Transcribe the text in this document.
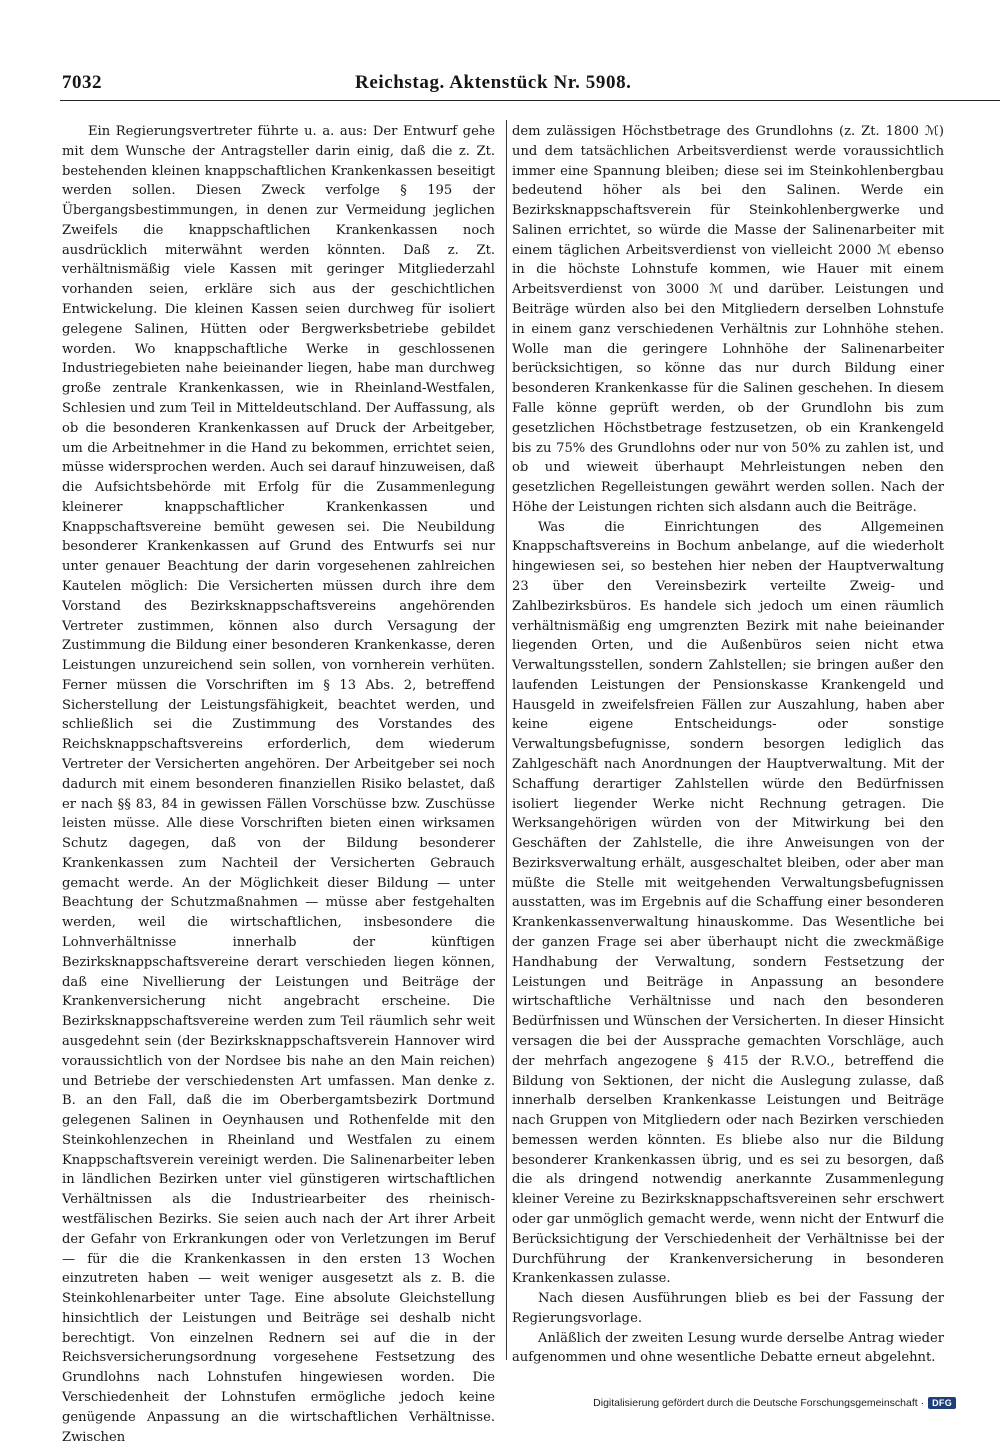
7032	Reichstag. Aktenstück Nr. 5908.

Ein Regierungsvertreter führte u. a. aus: Der Entwurf gehe mit dem Wunsche der Antragsteller darin einig, daß die z. Zt. bestehenden kleinen knappschaftlichen Krankenkassen beseitigt werden sollen. Diesen Zweck verfolge § 195 der Übergangsbestimmungen, in denen zur Vermeidung jeglichen Zweifels die knappschaftlichen Krankenkassen noch ausdrücklich miterwähnt werden könnten. Daß z. Zt. verhältnismäßig viele Kassen mit geringer Mitgliederzahl vorhanden seien, erkläre sich aus der geschichtlichen Entwickelung. Die kleinen Kassen seien durchweg für isoliert gelegene Salinen, Hütten oder Bergwerksbetriebe gebildet worden. Wo knappschaftliche Werke in geschlossenen Industriegebieten nahe beieinander liegen, habe man durchweg große zentrale Krankenkassen, wie in Rheinland-Westfalen, Schlesien und zum Teil in Mitteldeutschland. Der Auffassung, als ob die besonderen Krankenkassen auf Druck der Arbeitgeber, um die Arbeitnehmer in die Hand zu bekommen, errichtet seien, müsse widersprochen werden. Auch sei darauf hinzuweisen, daß die Aufsichtsbehörde mit Erfolg für die Zusammenlegung kleinerer knappschaftlicher Krankenkassen und Knappschaftsvereine bemüht gewesen sei. Die Neubildung besonderer Krankenkassen auf Grund des Entwurfs sei nur unter genauer Beachtung der darin vorgesehenen zahlreichen Kautelen möglich: Die Versicherten müssen durch ihre dem Vorstand des Bezirksknappschaftsvereins angehörenden Vertreter zustimmen, können also durch Versagung der Zustimmung die Bildung einer besonderen Krankenkasse, deren Leistungen unzureichend sein sollen, von vornherein verhüten. Ferner müssen die Vorschriften im § 13 Abs. 2, betreffend Sicherstellung der Leistungsfähigkeit, beachtet werden, und schließlich sei die Zustimmung des Vorstandes des Reichsknappschaftsvereins erforderlich, dem wiederum Vertreter der Versicherten angehören. Der Arbeitgeber sei noch dadurch mit einem besonderen finanziellen Risiko belastet, daß er nach §§ 83, 84 in gewissen Fällen Vorschüsse bzw. Zuschüsse leisten müsse. Alle diese Vorschriften bieten einen wirksamen Schutz dagegen, daß von der Bildung besonderer Krankenkassen zum Nachteil der Versicherten Gebrauch gemacht werde. An der Möglichkeit dieser Bildung — unter Beachtung der Schutzmaßnahmen — müsse aber festgehalten werden, weil die wirtschaftlichen, insbesondere die Lohnverhältnisse innerhalb der künftigen Bezirksknappschaftsvereine derart verschieden liegen können, daß eine Nivellierung der Leistungen und Beiträge der Krankenversicherung nicht angebracht erscheine. Die Bezirksknappschaftsvereine werden zum Teil räumlich sehr weit ausgedehnt sein (der Bezirksknappschaftsverein Hannover wird voraussichtlich von der Nordsee bis nahe an den Main reichen) und Betriebe der verschiedensten Art umfassen. Man denke z. B. an den Fall, daß die im Oberbergamtsbezirk Dortmund gelegenen Salinen in Oeynhausen und Rothenfelde mit den Steinkohlenzechen in Rheinland und Westfalen zu einem Knappschaftsverein vereinigt werden. Die Salinenarbeiter leben in ländlichen Bezirken unter viel günstigeren wirtschaftlichen Verhältnissen als die Industriearbeiter des rheinisch-westfälischen Bezirks. Sie seien auch nach der Art ihrer Arbeit der Gefahr von Erkrankungen oder von Verletzungen im Beruf — für die die Krankenkassen in den ersten 13 Wochen einzutreten haben — weit weniger ausgesetzt als z. B. die Steinkohlenarbeiter unter Tage. Eine absolute Gleichstellung hinsichtlich der Leistungen und Beiträge sei deshalb nicht berechtigt. Von einzelnen Rednern sei auf die in der Reichsversicherungsordnung vorgesehene Festsetzung des Grundlohns nach Lohnstufen hingewiesen worden. Die Verschiedenheit der Lohnstufen ermögliche jedoch keine genügende Anpassung an die wirtschaftlichen Verhältnisse. Zwischen

dem zulässigen Höchstbetrage des Grundlohns (z. Zt. 1800 ℳ) und dem tatsächlichen Arbeitsverdienst werde voraussichtlich immer eine Spannung bleiben; diese sei im Steinkohlenbergbau bedeutend höher als bei den Salinen. Werde ein Bezirksknappschaftsverein für Steinkohlenbergwerke und Salinen errichtet, so würde die Masse der Salinenarbeiter mit einem täglichen Arbeitsverdienst von vielleicht 2000 ℳ ebenso in die höchste Lohnstufe kommen, wie Hauer mit einem Arbeitsverdienst von 3000 ℳ und darüber. Leistungen und Beiträge würden also bei den Mitgliedern derselben Lohnstufe in einem ganz verschiedenen Verhältnis zur Lohnhöhe stehen. Wolle man die geringere Lohnhöhe der Salinenarbeiter berücksichtigen, so könne das nur durch Bildung einer besonderen Krankenkasse für die Salinen geschehen. In diesem Falle könne geprüft werden, ob der Grundlohn bis zum gesetzlichen Höchstbetrage festzusetzen, ob ein Krankengeld bis zu 75% des Grundlohns oder nur von 50% zu zahlen ist, und ob und wieweit überhaupt Mehrleistungen neben den gesetzlichen Regelleistungen gewährt werden sollen. Nach der Höhe der Leistungen richten sich alsdann auch die Beiträge.

Was die Einrichtungen des Allgemeinen Knappschaftsvereins in Bochum anbelange, auf die wiederholt hingewiesen sei, so bestehen hier neben der Hauptverwaltung 23 über den Vereinsbezirk verteilte Zweig- und Zahlbezirksbüros. Es handele sich jedoch um einen räumlich verhältnismäßig eng umgrenzten Bezirk mit nahe beieinander liegenden Orten, und die Außenbüros seien nicht etwa Verwaltungsstellen, sondern Zahlstellen; sie bringen außer den laufenden Leistungen der Pensionskasse Krankengeld und Hausgeld in zweifelsfreien Fällen zur Auszahlung, haben aber keine eigene Entscheidungs- oder sonstige Verwaltungsbefugnisse, sondern besorgen lediglich das Zahlgeschäft nach Anordnungen der Hauptverwaltung. Mit der Schaffung derartiger Zahlstellen würde den Bedürfnissen isoliert liegender Werke nicht Rechnung getragen. Die Werksangehörigen würden von der Mitwirkung bei den Geschäften der Zahlstelle, die ihre Anweisungen von der Bezirksverwaltung erhält, ausgeschaltet bleiben, oder aber man müßte die Stelle mit weitgehenden Verwaltungsbefugnissen ausstatten, was im Ergebnis auf die Schaffung einer besonderen Krankenkassenverwaltung hinauskomme. Das Wesentliche bei der ganzen Frage sei aber überhaupt nicht die zweckmäßige Handhabung der Verwaltung, sondern Festsetzung der Leistungen und Beiträge in Anpassung an besondere wirtschaftliche Verhältnisse und nach den besonderen Bedürfnissen und Wünschen der Versicherten. In dieser Hinsicht versagen die bei der Aussprache gemachten Vorschläge, auch der mehrfach angezogene § 415 der R.V.O., betreffend die Bildung von Sektionen, der nicht die Auslegung zulasse, daß innerhalb derselben Krankenkasse Leistungen und Beiträge nach Gruppen von Mitgliedern oder nach Bezirken verschieden bemessen werden könnten. Es bliebe also nur die Bildung besonderer Krankenkassen übrig, und es sei zu besorgen, daß die als dringend notwendig anerkannte Zusammenlegung kleiner Vereine zu Bezirksknappschaftsvereinen sehr erschwert oder gar unmöglich gemacht werde, wenn nicht der Entwurf die Berücksichtigung der Verschiedenheit der Verhältnisse bei der Durchführung der Krankenversicherung in besonderen Krankenkassen zulasse.

Nach diesen Ausführungen blieb es bei der Fassung der Regierungsvorlage.

Anläßlich der zweiten Lesung wurde derselbe Antrag wieder aufgenommen und ohne wesentliche Debatte erneut abgelehnt.

Digitalisierung gefördert durch die Deutsche Forschungsgemeinschaft · DFG
